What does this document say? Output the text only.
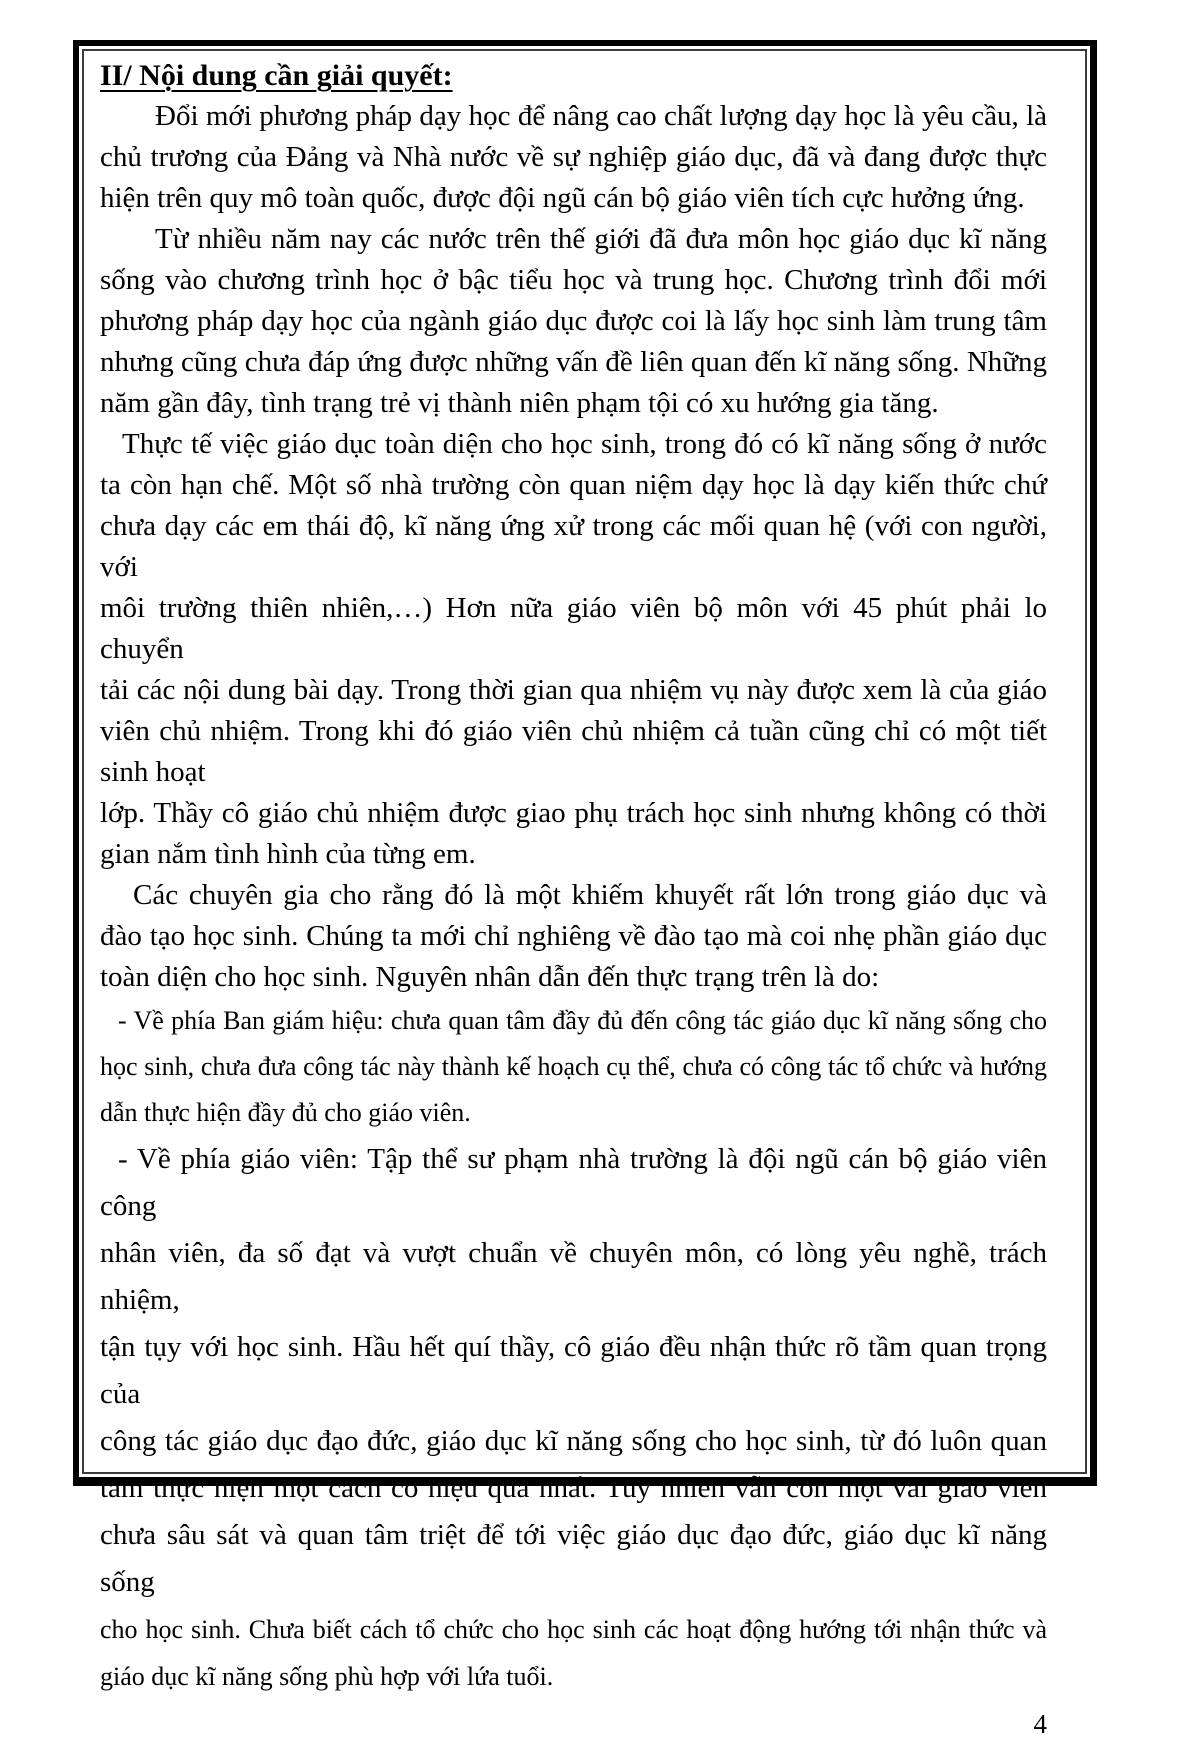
II/ Nội dung cần giải quyết:
Đổi mới phương pháp dạy học để nâng cao chất lượng dạy học là yêu cầu, là
chủ trương của Đảng và Nhà nước về sự nghiệp giáo dục, đã và đang được thực
hiện trên quy mô toàn quốc, được đội ngũ cán bộ giáo viên tích cực hưởng ứng.
Từ nhiều năm nay các nước trên thế giới đã đưa môn học giáo dục kĩ năng
sống vào chương trình học ở bậc tiểu học và trung học. Chương trình đổi mới
phương pháp dạy học của ngành giáo dục được coi là lấy học sinh làm trung tâm
nhưng cũng chưa đáp ứng được những vấn đề liên quan đến kĩ năng sống. Những
năm gần đây, tình trạng trẻ vị thành niên phạm tội có xu hướng gia tăng.
Thực tế việc giáo dục toàn diện cho học sinh, trong đó có kĩ năng sống ở nước
ta còn hạn chế. Một số nhà trường còn quan niệm dạy học là dạy kiến thức chứ
chưa dạy các em thái độ, kĩ năng ứng xử trong các mối quan hệ (với con người, với
môi trường thiên nhiên,…) Hơn nữa giáo viên bộ môn với 45 phút phải lo chuyển
tải các nội dung bài dạy. Trong thời gian qua nhiệm vụ này được xem là của giáo
viên chủ nhiệm. Trong khi đó giáo viên chủ nhiệm cả tuần cũng chỉ có một tiết
sinh hoạt
lớp. Thầy cô giáo chủ nhiệm được giao phụ trách học sinh nhưng không có thời
gian nắm tình hình của từng em.
Các chuyên gia cho rằng đó là một khiếm khuyết rất lớn trong giáo dục và
đào tạo học sinh. Chúng ta mới chỉ nghiêng về đào tạo mà coi nhẹ phần giáo dục
toàn diện cho học sinh. Nguyên nhân dẫn đến thực trạng trên là do:
- Về phía Ban giám hiệu: chưa quan tâm đầy đủ đến công tác giáo dục kĩ năng sống cho
học sinh, chưa đưa công tác này thành kế hoạch cụ thể, chưa có công tác tổ chức và hướng
dẫn thực hiện đầy đủ cho giáo viên.
- Về phía giáo viên: Tập thể sư phạm nhà trường là đội ngũ cán bộ giáo viên công
nhân viên, đa số đạt và vượt chuẩn về chuyên môn, có lòng yêu nghề, trách nhiệm,
tận tụy với học sinh. Hầu hết quí thầy, cô giáo đều nhận thức rõ tầm quan trọng của
công tác giáo dục đạo đức, giáo dục kĩ năng sống cho học sinh, từ đó luôn quan
tâm thực hiện một cách có hiệu quả nhất. Tuy nhiên vẫn còn một vài giáo viên
chưa sâu sát và quan tâm triệt để tới việc giáo dục đạo đức, giáo dục kĩ năng sống
cho học sinh. Chưa biết cách tổ chức cho học sinh các hoạt động hướng tới nhận thức và
giáo dục kĩ năng sống phù hợp với lứa tuổi.
4
